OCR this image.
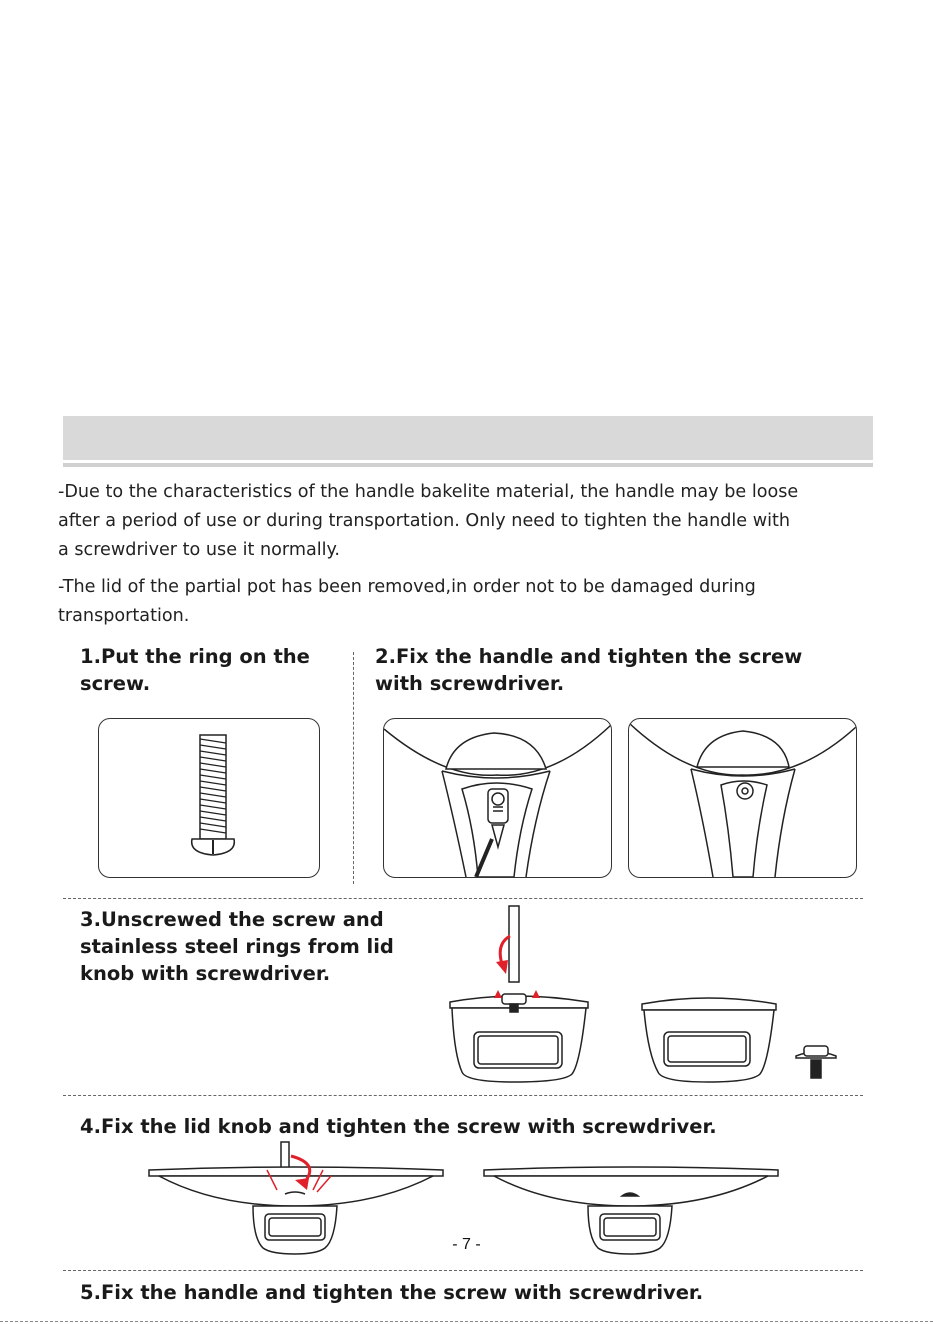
-Due to the characteristics of the handle bakelite material, the handle may be loose
after a period of use or during transportation. Only need to tighten the handle with
a screwdriver to use it normally.
-The lid of the partial pot has been removed,in order not to be damaged during
transportation.
1.Put the ring on the
screw.
2.Fix the handle and tighten the screw
with screwdriver.
3.Unscrewed the screw and
stainless steel rings from lid
knob with screwdriver.
4.Fix the lid knob and tighten the screw with screwdriver.
- 7 -
5.Fix the handle and tighten the screw with screwdriver.
